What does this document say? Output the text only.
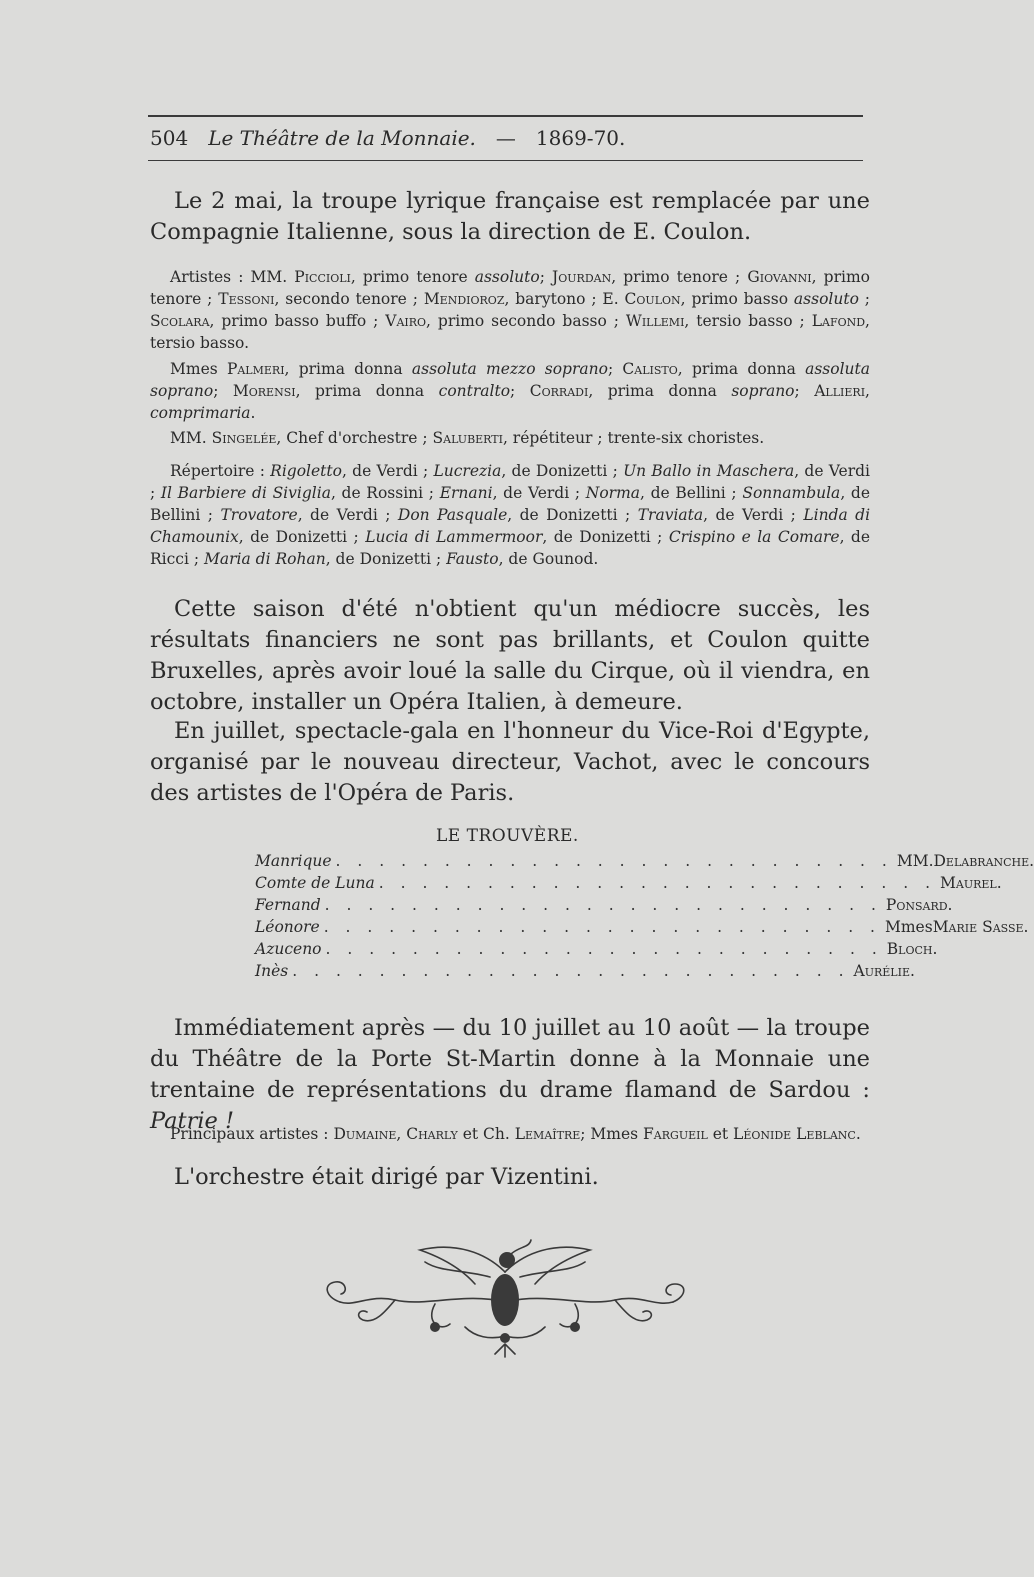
504 Le Théâtre de la Monnaie. — 1869-70.

Le 2 mai, la troupe lyrique française est remplacée par une Compagnie Italienne, sous la direction de E. Coulon.

Artistes : MM. Piccioli, primo tenore assoluto; Jourdan, primo tenore ; Giovanni, primo tenore ; Tessoni, secondo tenore ; Mendioroz, barytono ; E. Coulon, primo basso assoluto ; Scolara, primo basso buffo ; Vairo, primo secondo basso ; Willemi, tersio basso ; Lafond, tersio basso.

Mmes Palmeri, prima donna assoluta mezzo soprano; Calisto, prima donna assoluta soprano; Morensi, prima donna contralto; Corradi, prima donna soprano; Allieri, comprimaria.

MM. Singelée, Chef d'orchestre ; Saluberti, répétiteur ; trente-six choristes.

Répertoire : Rigoletto, de Verdi ; Lucrezia, de Donizetti ; Un Ballo in Maschera, de Verdi ; Il Barbiere di Siviglia, de Rossini ; Ernani, de Verdi ; Norma, de Bellini ; Sonnambula, de Bellini ; Trovatore, de Verdi ; Don Pasquale, de Donizetti ; Traviata, de Verdi ; Linda di Chamounix, de Donizetti ; Lucia di Lammermoor, de Donizetti ; Crispino e la Comare, de Ricci ; Maria di Rohan, de Donizetti ; Fausto, de Gounod.

Cette saison d'été n'obtient qu'un médiocre succès, les résultats financiers ne sont pas brillants, et Coulon quitte Bruxelles, après avoir loué la salle du Cirque, où il viendra, en octobre, installer un Opéra Italien, à demeure.

En juillet, spectacle-gala en l'honneur du Vice-Roi d'Egypte, organisé par le nouveau directeur, Vachot, avec le concours des artistes de l'Opéra de Paris.

LE TROUVÈRE.
Manrique . . . . . . . . . . . . . . . . . . . . . . . . . . MM. Delabranche.
Comte de Luna . . . . . . . . . . . . . . . . . . . . . . . . . . Maurel.
Fernand . . . . . . . . . . . . . . . . . . . . . . . . . . Ponsard.
Léonore . . . . . . . . . . . . . . . . . . . . . . . . . . Mmes Marie Sasse.
Azuceno . . . . . . . . . . . . . . . . . . . . . . . . . . Bloch.
Inès . . . . . . . . . . . . . . . . . . . . . . . . . . Aurélie.

Immédiatement après — du 10 juillet au 10 août — la troupe du Théâtre de la Porte St-Martin donne à la Monnaie une trentaine de représentations du drame flamand de Sardou : Patrie !

Principaux artistes : Dumaine, Charly et Ch. Lemaître; Mmes Fargueil et Léonide Leblanc.

L'orchestre était dirigé par Vizentini.
